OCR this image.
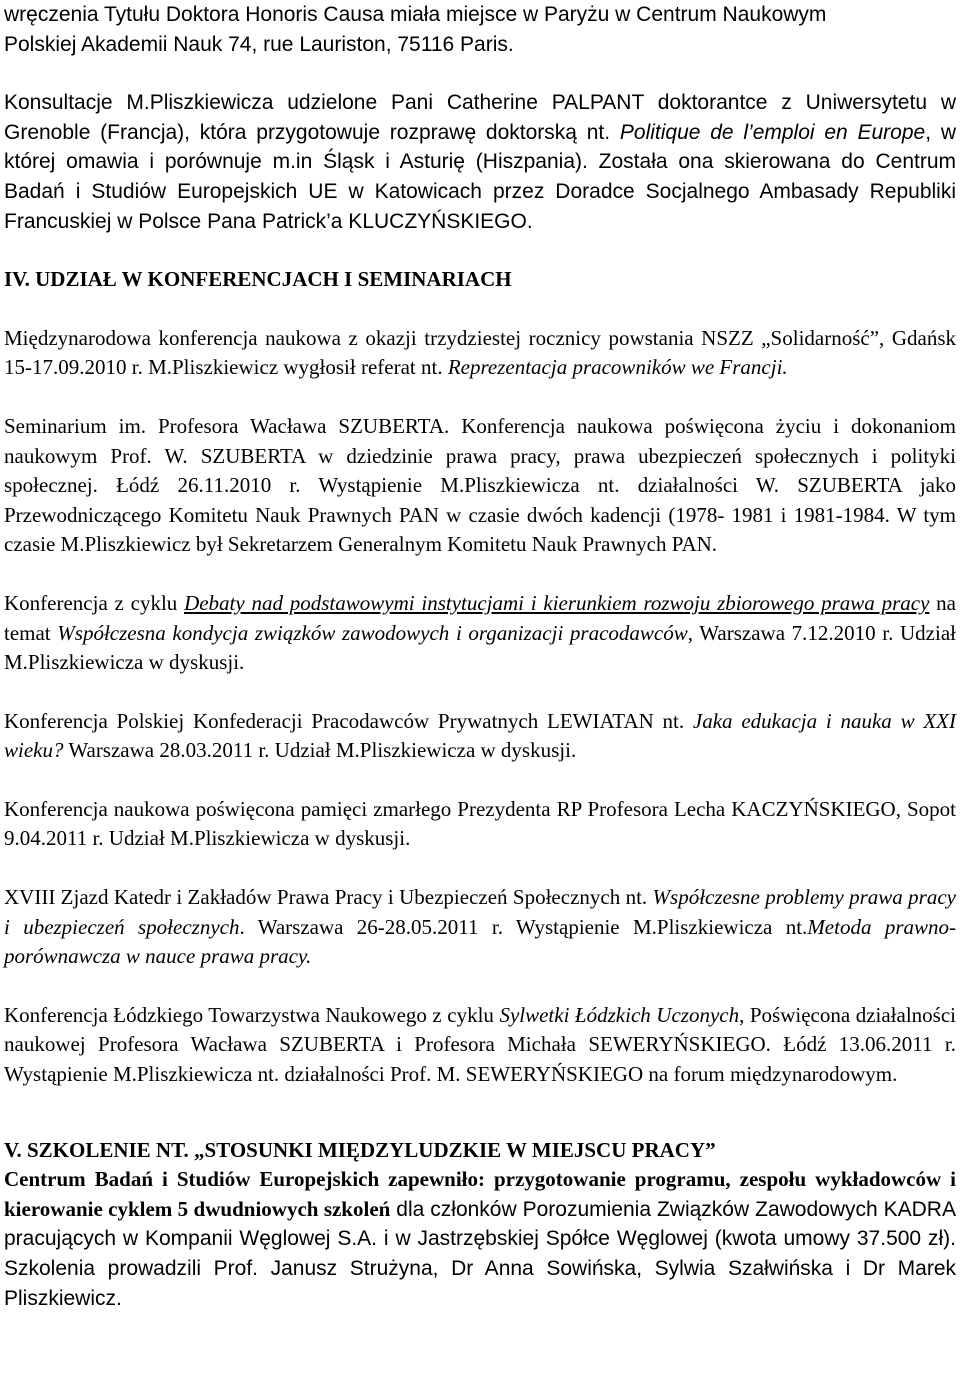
wręczenia Tytułu Doktora Honoris Causa miała miejsce w Paryżu w Centrum Naukowym

Polskiej Akademii Nauk 74, rue Lauriston, 75116 Paris.

Konsultacje M.Pliszkiewicza udzielone Pani Catherine PALPANT doktorantce z Uniwersytetu w Grenoble (Francja), która przygotowuje rozprawę doktorską nt. Politique de l’emploi en Europe, w której omawia i porównuje m.in Śląsk i Asturię (Hiszpania). Została ona skierowana do Centrum Badań i Studiów Europejskich UE w Katowicach przez Doradce Socjalnego Ambasady Republiki Francuskiej w Polsce Pana Patrick’a KLUCZYŃSKIEGO.

IV. UDZIAŁ W KONFERENCJACH I SEMINARIACH

Międzynarodowa konferencja naukowa z okazji trzydziestej rocznicy powstania NSZZ „Solidarność”, Gdańsk 15-17.09.2010 r. M.Pliszkiewicz wygłosił referat nt. Reprezentacja pracowników we Francji.

Seminarium im. Profesora Wacława SZUBERTA. Konferencja naukowa poświęcona życiu i dokonaniom naukowym Prof. W. SZUBERTA w dziedzinie prawa pracy, prawa ubezpieczeń społecznych i polityki społecznej. Łódź 26.11.2010 r. Wystąpienie M.Pliszkiewicza nt. działalności W. SZUBERTA jako Przewodniczącego Komitetu Nauk Prawnych PAN w czasie dwóch kadencji (1978- 1981 i 1981-1984. W tym czasie M.Pliszkiewicz był Sekretarzem Generalnym Komitetu Nauk Prawnych PAN.

Konferencja z cyklu Debaty nad podstawowymi instytucjami i kierunkiem rozwoju zbiorowego prawa pracy na temat Współczesna kondycja związków zawodowych i organizacji pracodawców, Warszawa 7.12.2010 r. Udział M.Pliszkiewicza w dyskusji.

Konferencja Polskiej Konfederacji Pracodawców Prywatnych LEWIATAN nt. Jaka edukacja i nauka w XXI wieku? Warszawa 28.03.2011 r. Udział M.Pliszkiewicza w dyskusji.

Konferencja naukowa poświęcona pamięci zmarłego Prezydenta RP Profesora Lecha KACZYŃSKIEGO, Sopot 9.04.2011 r. Udział M.Pliszkiewicza w dyskusji.

XVIII Zjazd Katedr i Zakładów Prawa Pracy i Ubezpieczeń Społecznych nt. Współczesne problemy prawa pracy i ubezpieczeń społecznych. Warszawa 26-28.05.2011 r. Wystąpienie M.Pliszkiewicza nt.Metoda prawno-porównawcza w nauce prawa pracy.

Konferencja Łódzkiego Towarzystwa Naukowego z cyklu Sylwetki Łódzkich Uczonych, Poświęcona działalności naukowej Profesora Wacława SZUBERTA i Profesora Michała SEWERYŃSKIEGO. Łódź 13.06.2011 r. Wystąpienie M.Pliszkiewicza nt. działalności Prof. M. SEWERYŃSKIEGO na forum międzynarodowym.

V. SZKOLENIE NT. „STOSUNKI MIĘDZYLUDZKIE W MIEJSCU PRACY”

Centrum Badań i Studiów Europejskich zapewniło: przygotowanie programu, zespołu wykładowców i kierowanie cyklem 5 dwudniowych szkoleń dla członków Porozumienia Związków Zawodowych KADRA pracujących w Kompanii Węglowej S.A. i w Jastrzębskiej Spółce Węglowej (kwota umowy 37.500 zł). Szkolenia prowadzili Prof. Janusz Strużyna, Dr Anna Sowińska, Sylwia Szałwińska i Dr Marek Pliszkiewicz.
